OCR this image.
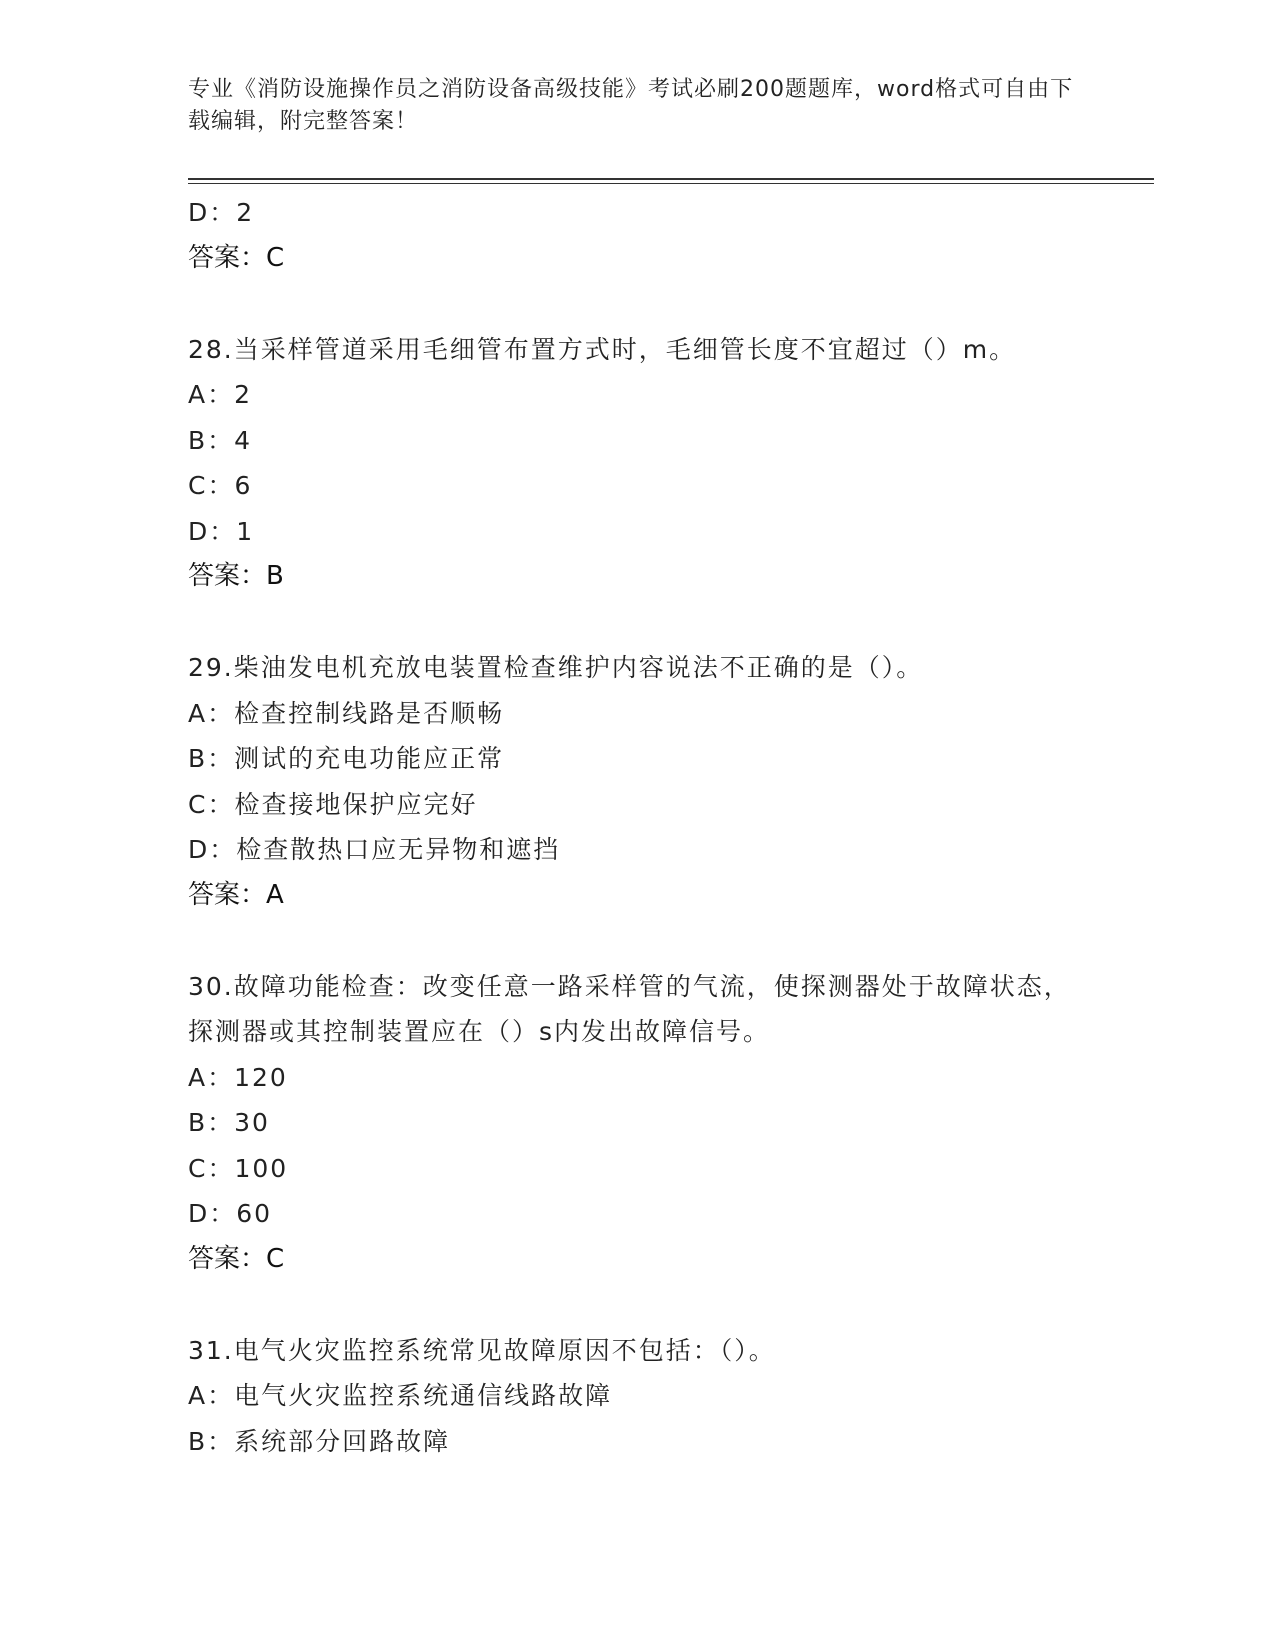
专业《消防设施操作员之消防设备高级技能》考试必刷200题题库，word格式可自由下载编辑，附完整答案！
D：2
答案：C
28.当采样管道采用毛细管布置方式时，毛细管长度不宜超过（）m。
A：2
B：4
C：6
D：1
答案：B
29.柴油发电机充放电装置检查维护内容说法不正确的是（）。
A：检查控制线路是否顺畅
B：测试的充电功能应正常
C：检查接地保护应完好
D：检查散热口应无异物和遮挡
答案：A
30.故障功能检查：改变任意一路采样管的气流，使探测器处于故障状态，探测器或其控制装置应在（）s内发出故障信号。
A：120
B：30
C：100
D：60
答案：C
31.电气火灾监控系统常见故障原因不包括：（）。
A：电气火灾监控系统通信线路故障
B：系统部分回路故障
